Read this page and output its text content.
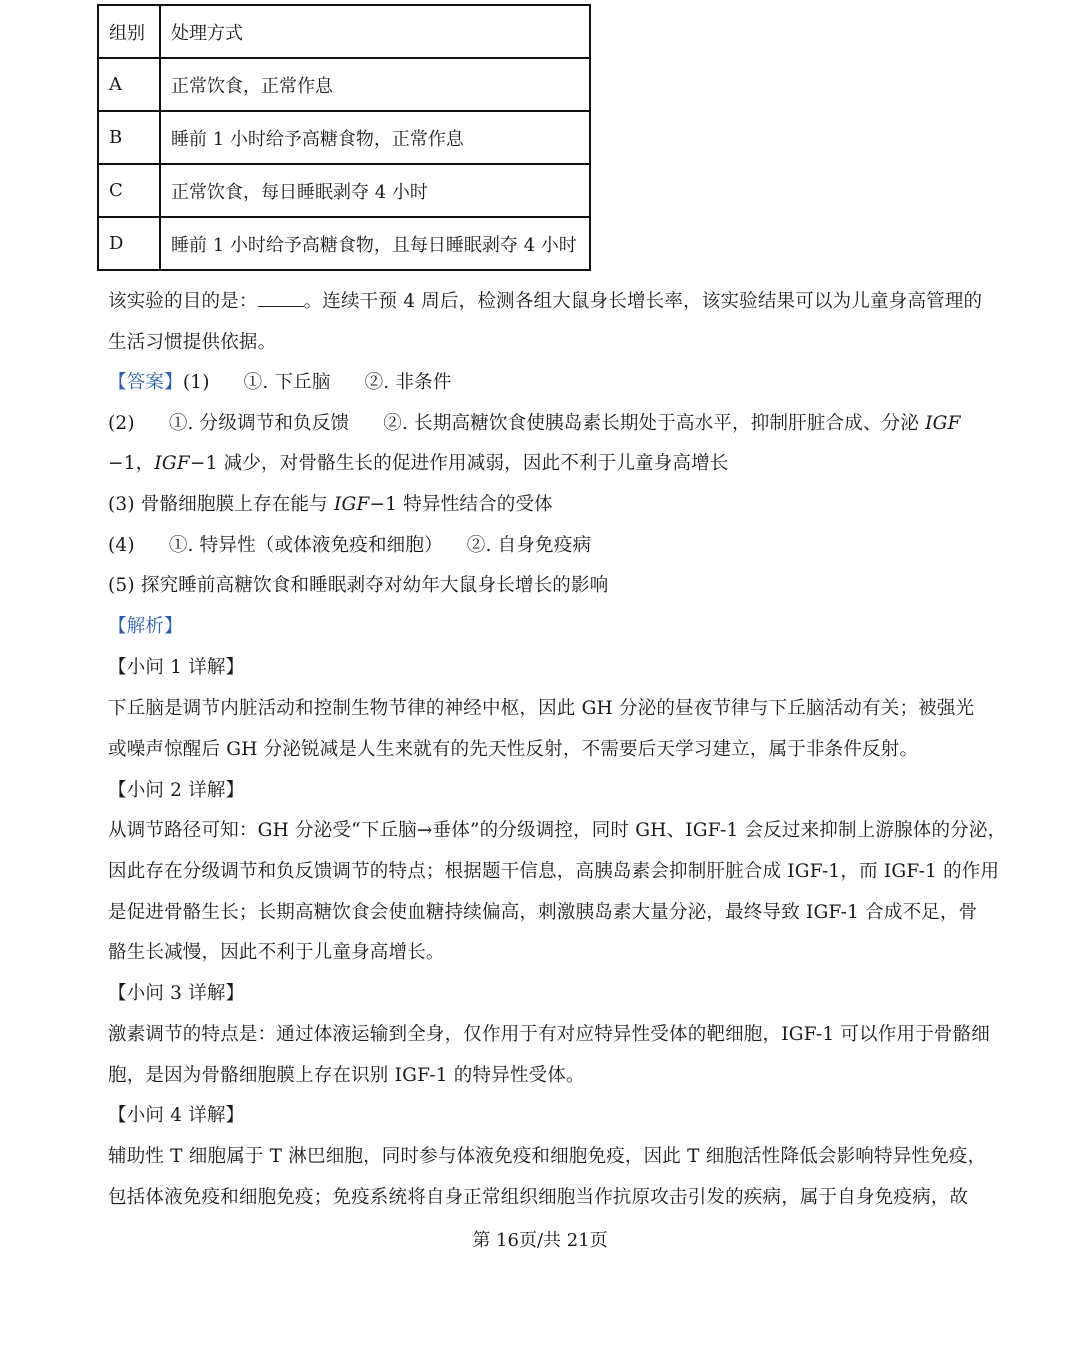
组别	处理方式
A	正常饮食，正常作息
B	睡前 1 小时给予高糖食物，正常作息
C	正常饮食，每日睡眠剥夺 4 小时
D	睡前 1 小时给予高糖食物，且每日睡眠剥夺 4 小时
该实验的目的是： 。连续干预 4 周后，检测各组大鼠身长增长率，该实验结果可以为儿童身高管理的
生活习惯提供依据。
【答案】(1) ①. 下丘脑 ②. 非条件
(2) ①. 分级调节和负反馈 ②. 长期高糖饮食使胰岛素长期处于高水平，抑制肝脏合成、分泌 IGF
−1，IGF−1 减少，对骨骼生长的促进作用减弱，因此不利于儿童身高增长
(3) 骨骼细胞膜上存在能与 IGF−1 特异性结合的受体
(4) ①. 特异性（或体液免疫和细胞） ②. 自身免疫病
(5) 探究睡前高糖饮食和睡眠剥夺对幼年大鼠身长增长的影响
【解析】
【小问 1 详解】
下丘脑是调节内脏活动和控制生物节律的神经中枢，因此 GH 分泌的昼夜节律与下丘脑活动有关；被强光
或噪声惊醒后 GH 分泌锐减是人生来就有的先天性反射，不需要后天学习建立，属于非条件反射。
【小问 2 详解】
从调节路径可知：GH 分泌受“下丘脑→垂体”的分级调控，同时 GH、IGF-1 会反过来抑制上游腺体的分泌，
因此存在分级调节和负反馈调节的特点；根据题干信息，高胰岛素会抑制肝脏合成 IGF-1，而 IGF-1 的作用
是促进骨骼生长；长期高糖饮食会使血糖持续偏高，刺激胰岛素大量分泌，最终导致 IGF-1 合成不足，骨
骼生长减慢，因此不利于儿童身高增长。
【小问 3 详解】
激素调节的特点是：通过体液运输到全身，仅作用于有对应特异性受体的靶细胞，IGF-1 可以作用于骨骼细
胞，是因为骨骼细胞膜上存在识别 IGF-1 的特异性受体。
【小问 4 详解】
辅助性 T 细胞属于 T 淋巴细胞，同时参与体液免疫和细胞免疫，因此 T 细胞活性降低会影响特异性免疫，
包括体液免疫和细胞免疫；免疫系统将自身正常组织细胞当作抗原攻击引发的疾病，属于自身免疫病，故
第 16页/共 21页
